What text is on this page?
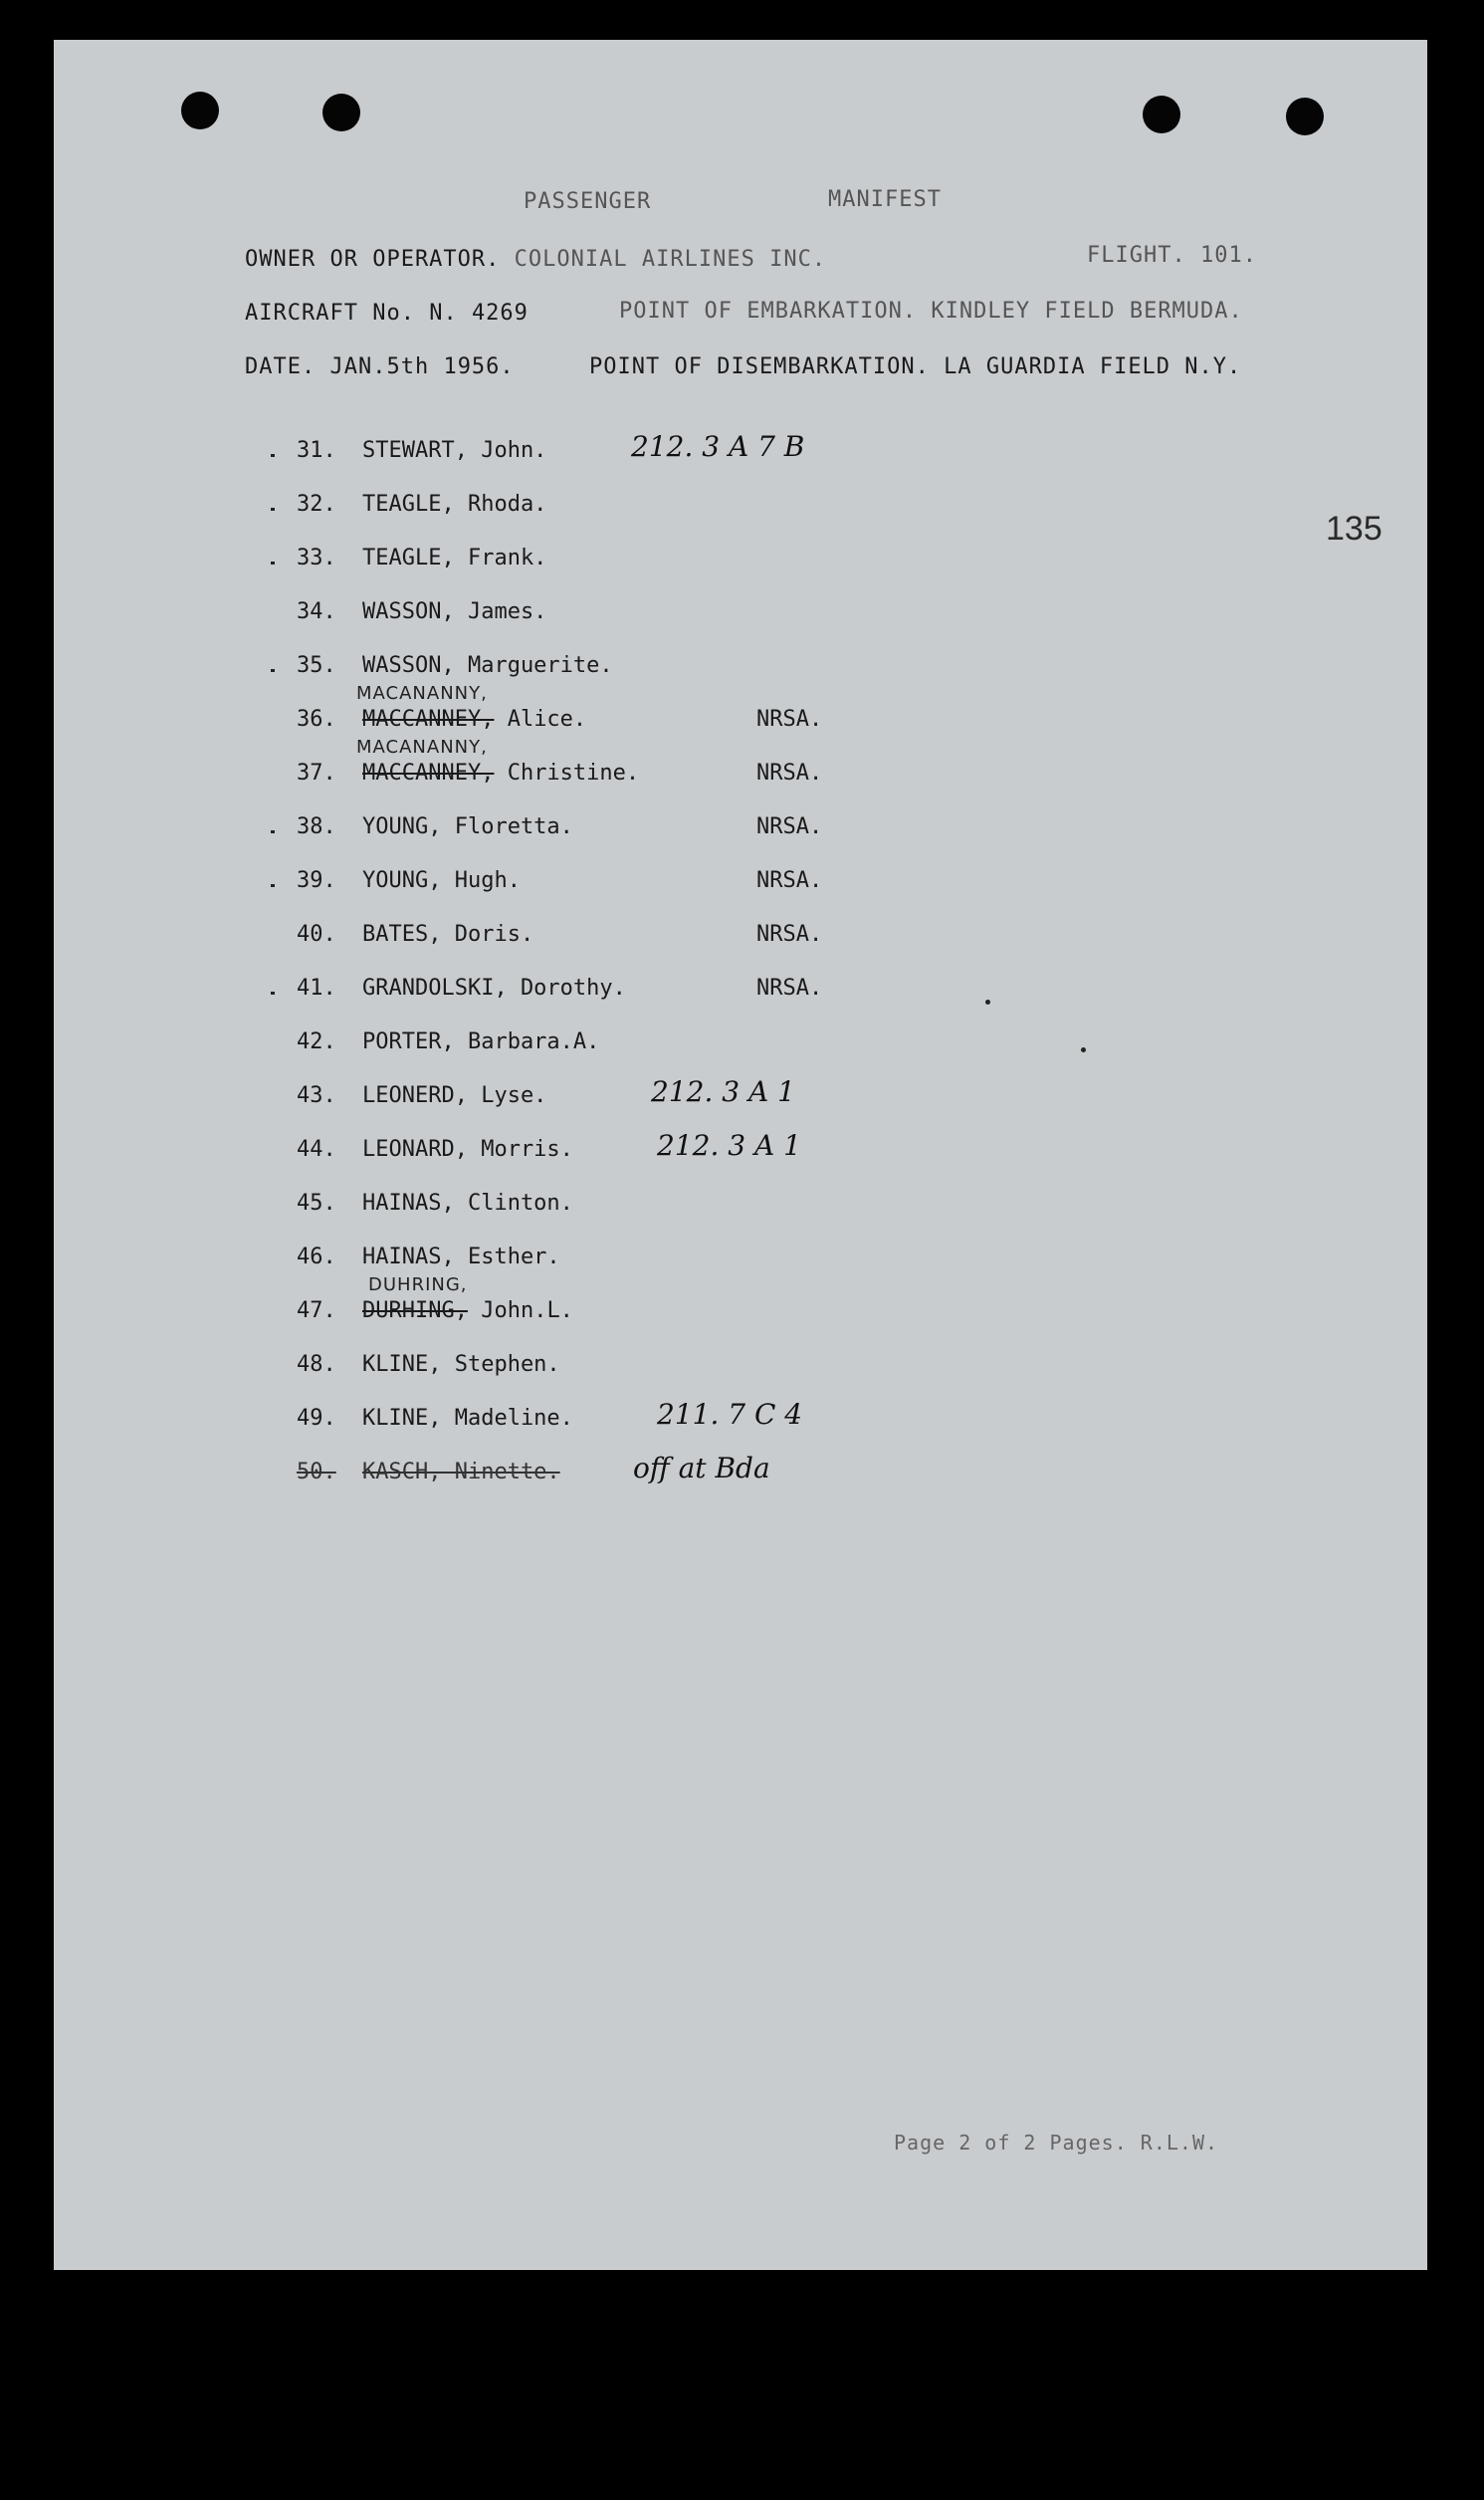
PASSENGER	MANIFEST
OWNER OR OPERATOR. COLONIAL AIRLINES INC.	FLIGHT. 101.
AIRCRAFT No. N. 4269	POINT OF EMBARKATION. KINDLEY FIELD BERMUDA.
DATE. JAN.5th 1956.	POINT OF DISEMBARKATION. LA GUARDIA FIELD N.Y.
135
31. STEWART, John.	212. 3 A 7 B
32. TEAGLE, Rhoda.
33. TEAGLE, Frank.
34. WASSON, James.
35. WASSON, Marguerite.
MACANANNY,
36. MACCANNEY, Alice.	NRSA.
MACANANNY,
37. MACCANNEY, Christine.	NRSA.
38. YOUNG, Floretta.	NRSA.
39. YOUNG, Hugh.	NRSA.
40. BATES, Doris.	NRSA.
41. GRANDOLSKI, Dorothy.	NRSA.
42. PORTER, Barbara.A.
43. LEONERD, Lyse.	212. 3 A 1
44. LEONARD, Morris.	212. 3 A 1
45. HAINAS, Clinton.
46. HAINAS, Esther.
DUHRING,
47. DURHING, John.L.
48. KLINE, Stephen.
49. KLINE, Madeline.	211. 7 C 4
50. KASCH, Ninette.	off at Bda
Page 2 of 2 Pages. R.L.W.
